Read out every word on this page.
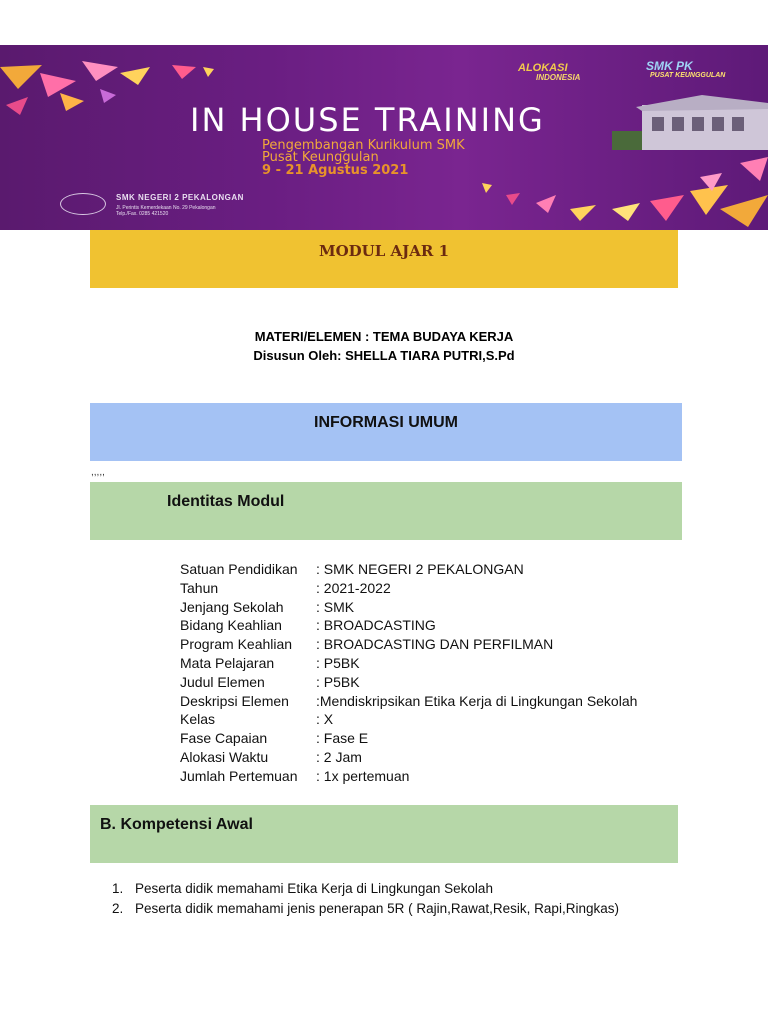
ALOKASI
INDONESIA
SMK PK
PUSAT KEUNGGULAN
IN HOUSE TRAINING
Pengembangan Kurikulum SMK
Pusat Keunggulan
9 - 21 Agustus 2021
SMK NEGERI 2 PEKALONGAN
Jl. Perintis Kemerdekaan No. 29 Pekalongan
Telp./Fax. 0285 421520
MODUL AJAR 1
MATERI/ELEMEN : TEMA BUDAYA KERJA
Disusun Oleh: SHELLA TIARA PUTRI,S.Pd
INFORMASI UMUM
,,,,,
Identitas Modul
Satuan Pendidikan : SMK NEGERI 2 PEKALONGAN
Tahun	: 2021-2022
Jenjang Sekolah : SMK
Bidang Keahlian : BROADCASTING
Program Keahlian : BROADCASTING DAN PERFILMAN
Mata Pelajaran	: P5BK
Judul Elemen	: P5BK
Deskripsi Elemen :Mendiskripsikan Etika Kerja di Lingkungan Sekolah
Kelas	: X
Fase Capaian	: Fase E
Alokasi Waktu	: 2 Jam
Jumlah Pertemuan : 1x pertemuan
B. Kompetensi Awal
1. Peserta didik memahami Etika Kerja di Lingkungan Sekolah
2. Peserta didik memahami jenis penerapan 5R ( Rajin,Rawat,Resik, Rapi,Ringkas)
